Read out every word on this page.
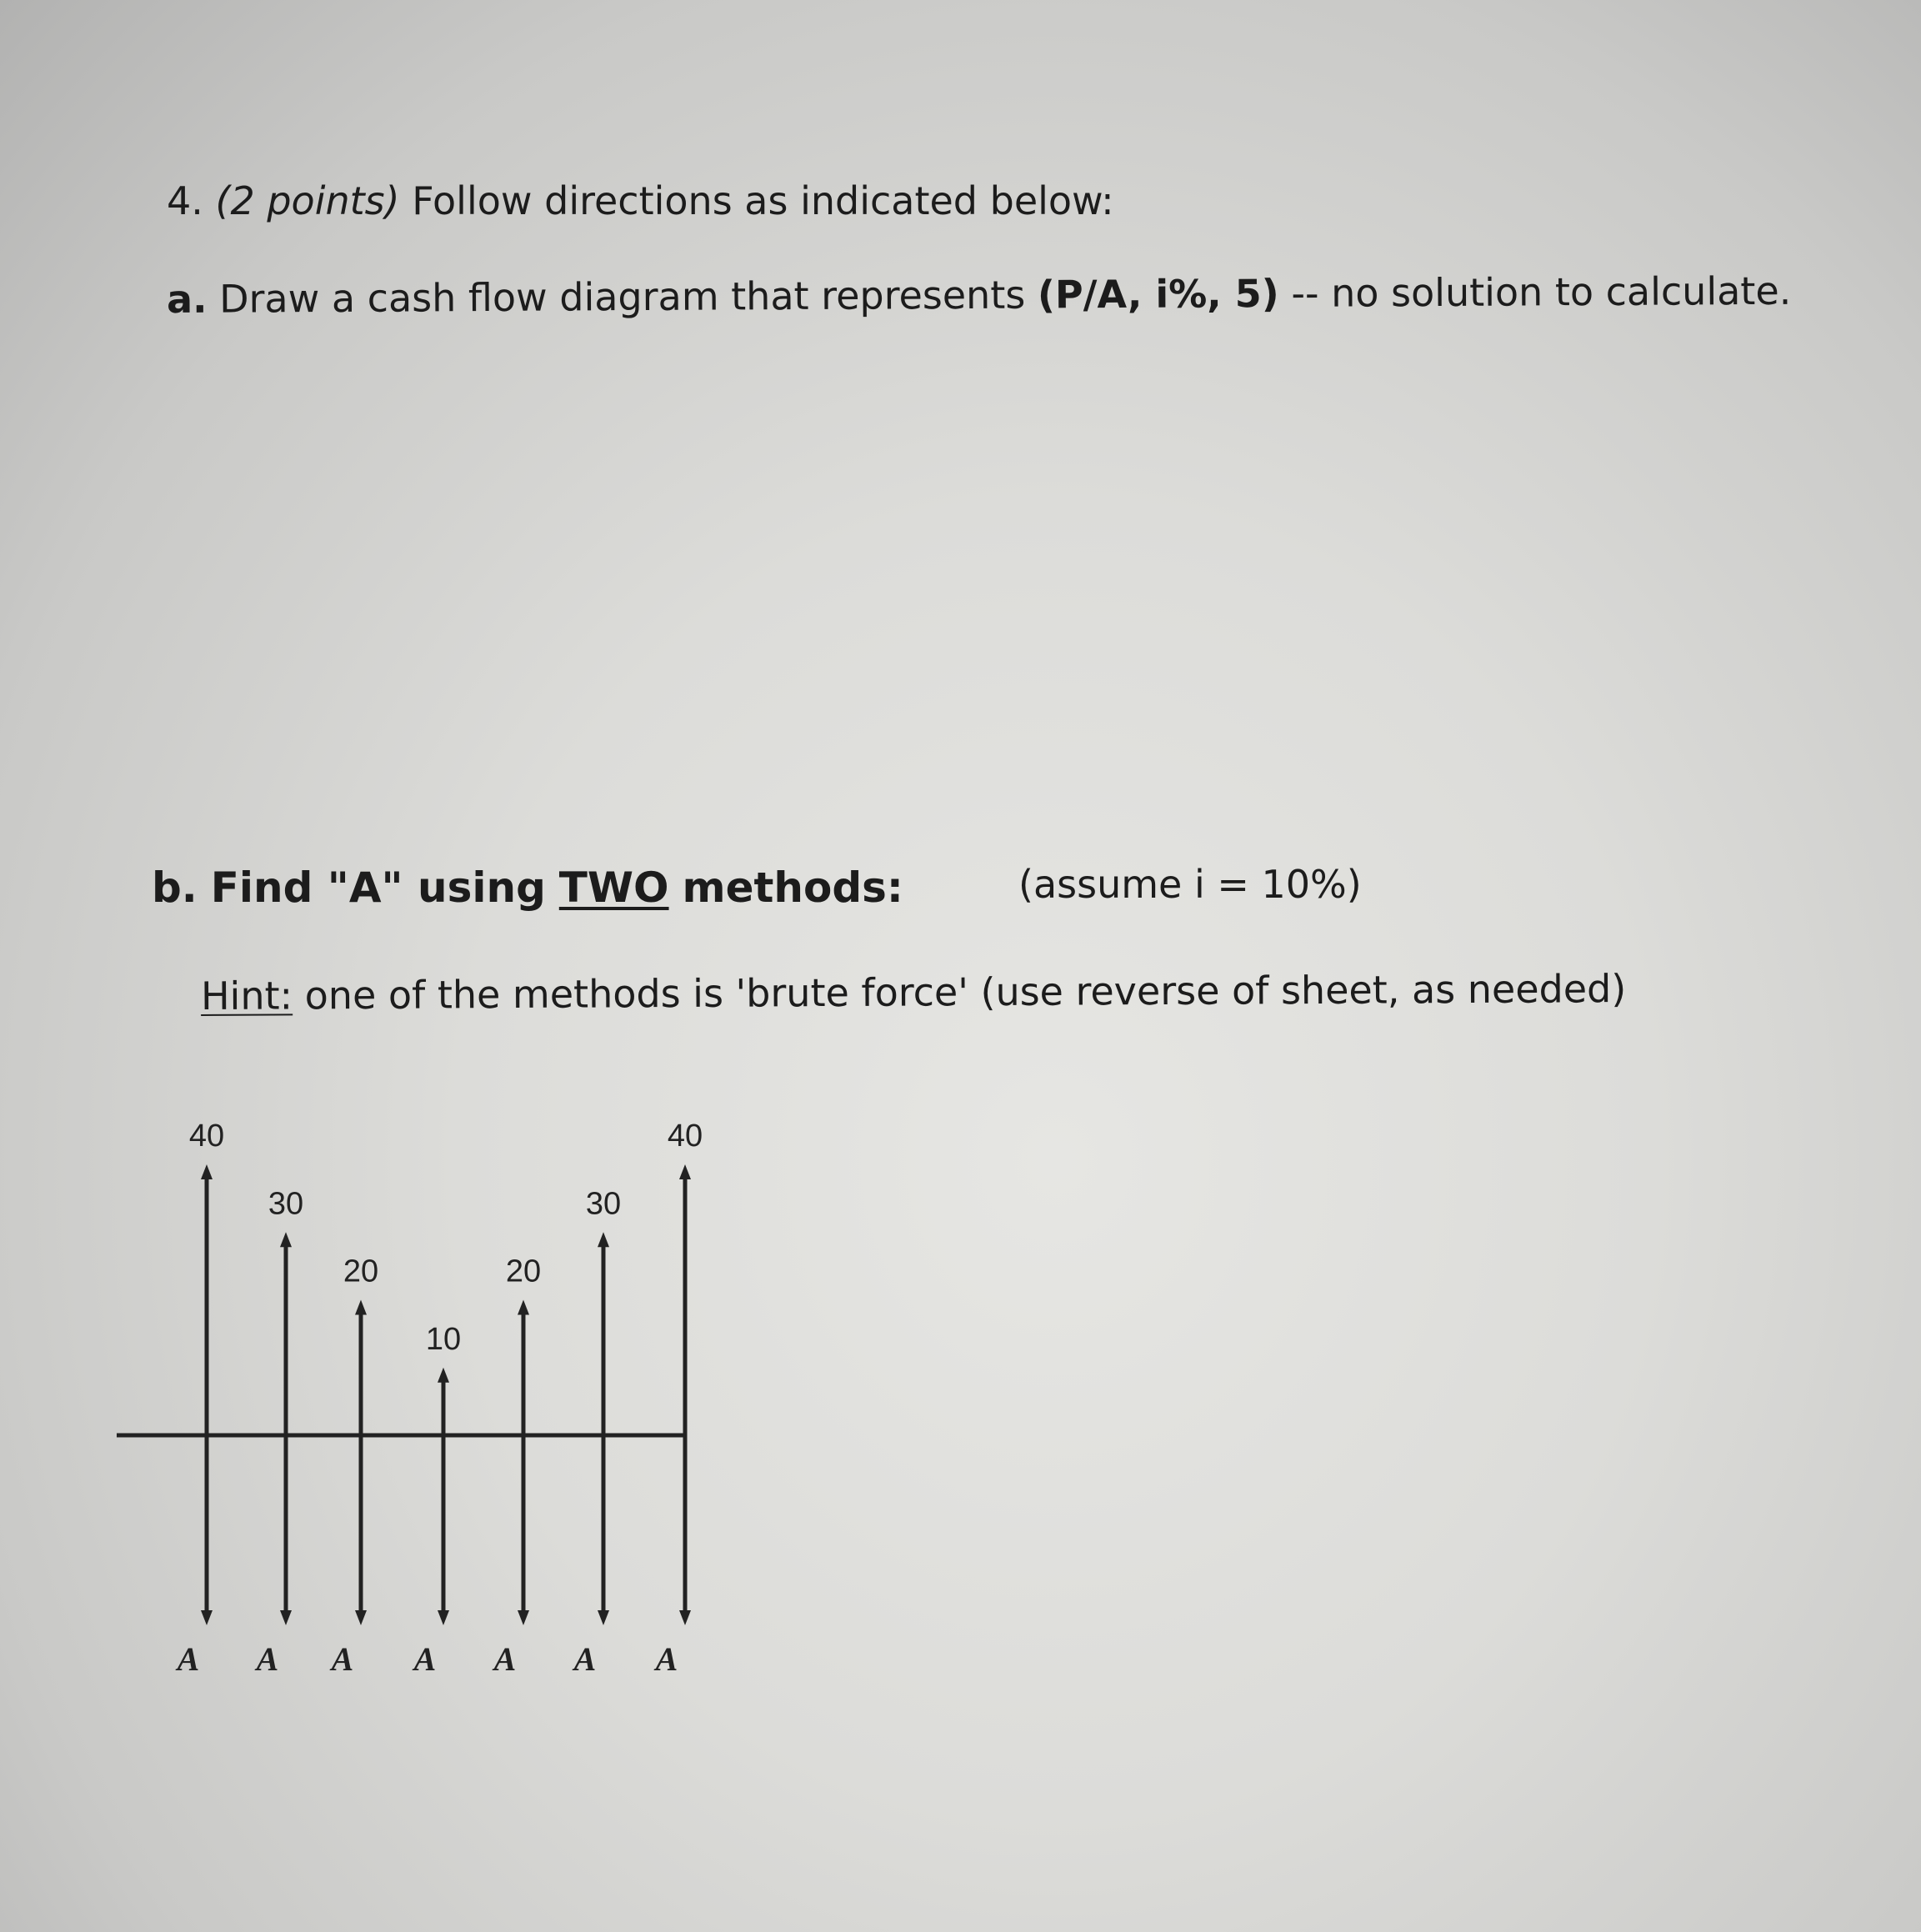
4. (2 points) Follow directions as indicated below:
a. Draw a cash flow diagram that represents (P/A, i%, 5) -- no solution to calculate.
b. Find "A" using TWO methods:	(assume i = 10%)
Hint: one of the methods is 'brute force' (use reverse of sheet, as needed)
40
A
30
A
20
A
10
A
20
A
30
A
40
A
